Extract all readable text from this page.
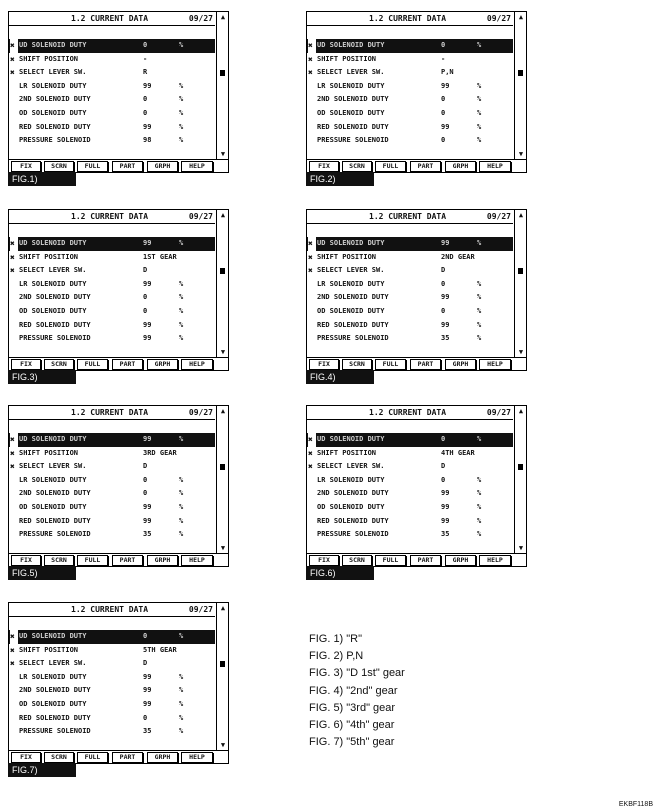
1.2 CURRENT DATA	09/27	▲
▼
✖ UD SOLENOID DUTY	0	%
✖ SHIFT POSITION	-
✖ SELECT LEVER SW.	R
LR SOLENOID DUTY	99	%
2ND SOLENOID DUTY	0	%
OD SOLENOID DUTY	0	%
RED SOLENOID DUTY	99	%
PRESSURE SOLENOID	98	%
FIX	SCRN	FULL	PART	GRPH	HELP
FIG.1)
1.2 CURRENT DATA	09/27	▲
▼
✖ UD SOLENOID DUTY	0	%
✖ SHIFT POSITION	-
✖ SELECT LEVER SW.	P,N
LR SOLENOID DUTY	99	%
2ND SOLENOID DUTY	0	%
OD SOLENOID DUTY	0	%
RED SOLENOID DUTY	99	%
PRESSURE SOLENOID	0	%
FIX	SCRN	FULL	PART	GRPH	HELP
FIG.2)
1.2 CURRENT DATA	09/27	▲
▼
✖ UD SOLENOID DUTY	99	%
✖ SHIFT POSITION	1ST GEAR
✖ SELECT LEVER SW.	D
LR SOLENOID DUTY	99	%
2ND SOLENOID DUTY	0	%
OD SOLENOID DUTY	0	%
RED SOLENOID DUTY	99	%
PRESSURE SOLENOID	99	%
FIX	SCRN	FULL	PART	GRPH	HELP
FIG.3)
1.2 CURRENT DATA	09/27	▲
▼
✖ UD SOLENOID DUTY	99	%
✖ SHIFT POSITION	2ND GEAR
✖ SELECT LEVER SW.	D
LR SOLENOID DUTY	0	%
2ND SOLENOID DUTY	99	%
OD SOLENOID DUTY	0	%
RED SOLENOID DUTY	99	%
PRESSURE SOLENOID	35	%
FIX	SCRN	FULL	PART	GRPH	HELP
FIG.4)
1.2 CURRENT DATA	09/27	▲
▼
✖ UD SOLENOID DUTY	99	%
✖ SHIFT POSITION	3RD GEAR
✖ SELECT LEVER SW.	D
LR SOLENOID DUTY	0	%
2ND SOLENOID DUTY	0	%
OD SOLENOID DUTY	99	%
RED SOLENOID DUTY	99	%
PRESSURE SOLENOID	35	%
FIX	SCRN	FULL	PART	GRPH	HELP
FIG.5)
1.2 CURRENT DATA	09/27	▲
▼
✖ UD SOLENOID DUTY	0	%
✖ SHIFT POSITION	4TH GEAR
✖ SELECT LEVER SW.	D
LR SOLENOID DUTY	0	%
2ND SOLENOID DUTY	99	%
OD SOLENOID DUTY	99	%
RED SOLENOID DUTY	99	%
PRESSURE SOLENOID	35	%
FIX	SCRN	FULL	PART	GRPH	HELP
FIG.6)
1.2 CURRENT DATA	09/27	▲
▼
✖ UD SOLENOID DUTY	0	%
✖ SHIFT POSITION	5TH GEAR
✖ SELECT LEVER SW.	D
LR SOLENOID DUTY	99	%
2ND SOLENOID DUTY	99	%
OD SOLENOID DUTY	99	%
RED SOLENOID DUTY	0	%
PRESSURE SOLENOID	35	%
FIX	SCRN	FULL	PART	GRPH	HELP
FIG.7)
FIG. 1) "R"
FIG. 2) P,N
FIG. 3) "D 1st" gear
FIG. 4) "2nd" gear
FIG. 5) "3rd" gear
FIG. 6) "4th" gear
FIG. 7) "5th" gear
EKBF118B
